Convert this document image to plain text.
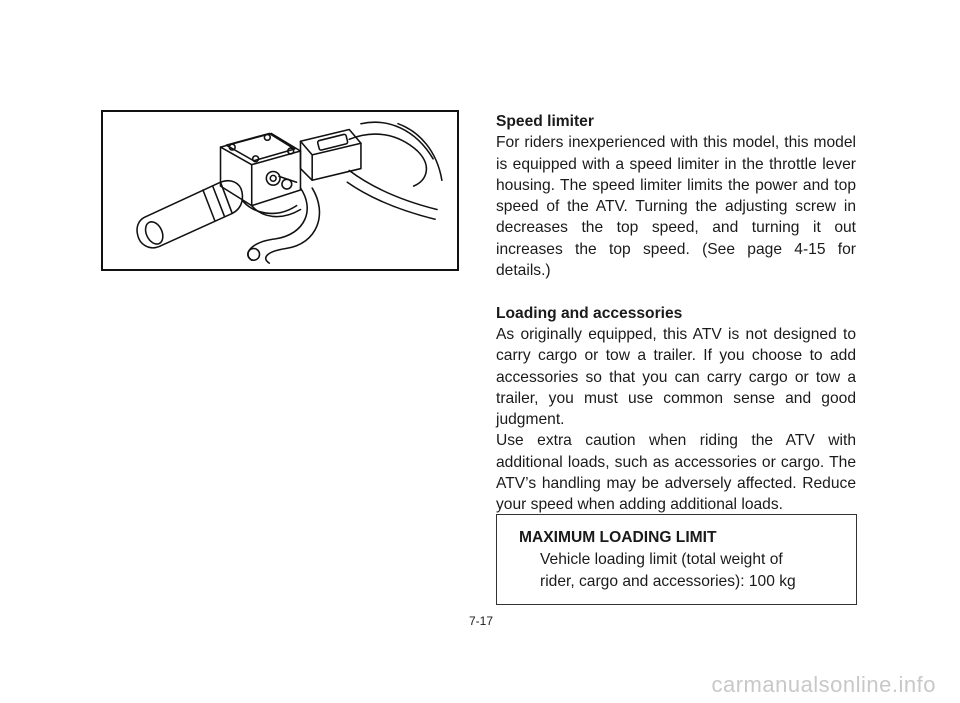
Speed limiter

For riders inexperienced with this model, this model is equipped with a speed limiter in the throttle lever housing. The speed limiter limits the power and top speed of the ATV. Turning the adjusting screw in decreases the top speed, and turning it out increases the top speed. (See page 4-15 for details.)

Loading and accessories

As originally equipped, this ATV is not designed to carry cargo or tow a trailer. If you choose to add accessories so that you can carry cargo or tow a trailer, you must use common sense and good judgment.

Use extra caution when riding the ATV with additional loads, such as accessories or cargo. The ATV’s handling may be adversely affected. Reduce your speed when adding additional loads.

MAXIMUM LOADING LIMIT

Vehicle loading limit (total weight of

rider, cargo and accessories): 100 kg

7-17
carmanualsonline.info
